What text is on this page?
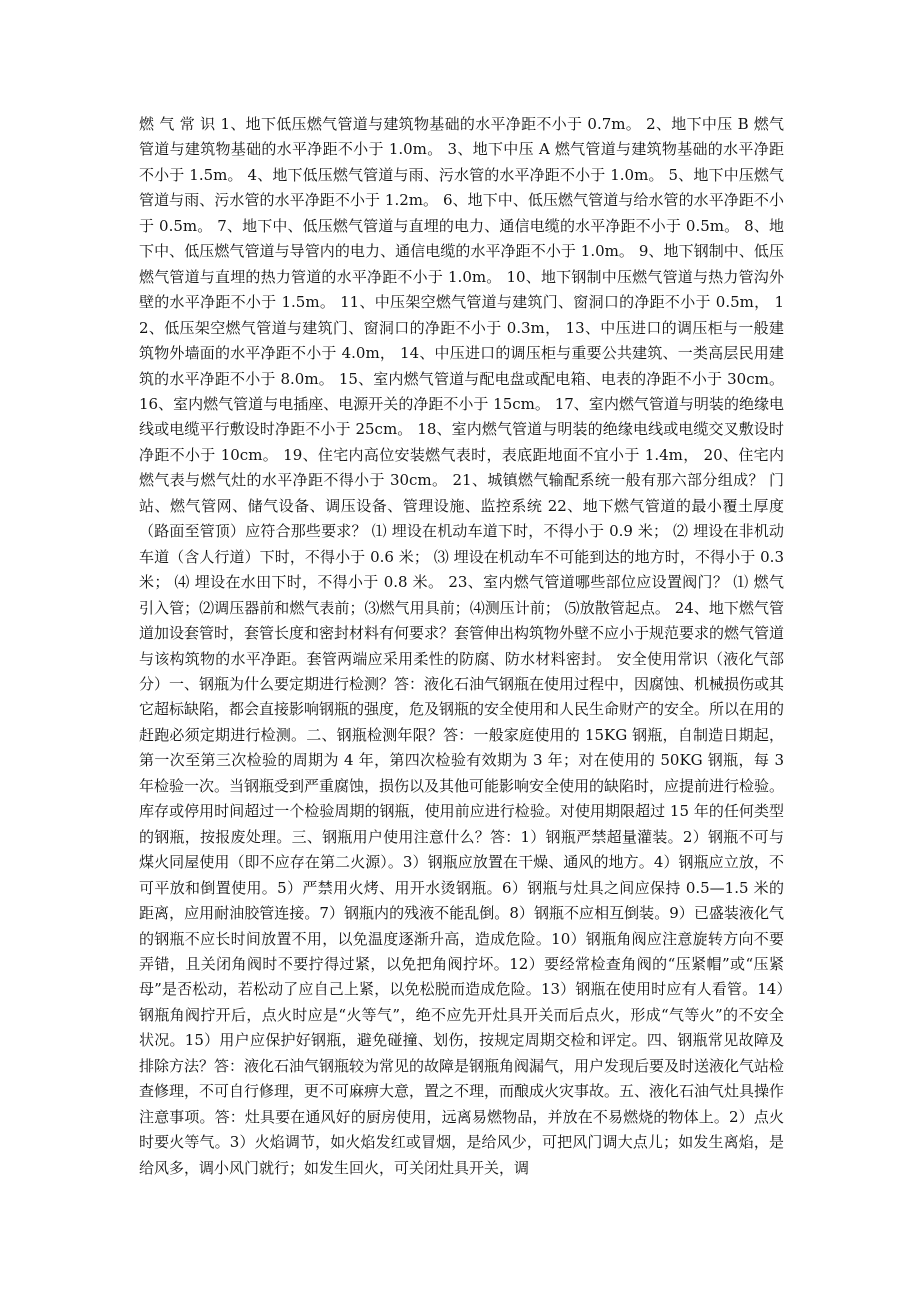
燃 气 常 识 1、地下低压燃气管道与建筑物基础的水平净距不小于 0.7m。 2、地下中压 B 燃气管道与建筑物基础的水平净距不小于 1.0m。 3、地下中压 A 燃气管道与建筑物基础的水平净距不小于 1.5m。 4、地下低压燃气管道与雨、污水管的水平净距不小于 1.0m。 5、地下中压燃气管道与雨、污水管的水平净距不小于 1.2m。 6、地下中、低压燃气管道与给水管的水平净距不小于 0.5m。 7、地下中、低压燃气管道与直埋的电力、通信电缆的水平净距不小于 0.5m。 8、地下中、低压燃气管道与导管内的电力、通信电缆的水平净距不小于 1.0m。 9、地下钢制中、低压燃气管道与直埋的热力管道的水平净距不小于 1.0m。 10、地下钢制中压燃气管道与热力管沟外壁的水平净距不小于 1.5m。 11、中压架空燃气管道与建筑门、窗洞口的净距不小于 0.5m， 12、低压架空燃气管道与建筑门、窗洞口的净距不小于 0.3m， 13、中压进口的调压柜与一般建筑物外墙面的水平净距不小于 4.0m， 14、中压进口的调压柜与重要公共建筑、一类高层民用建筑的水平净距不小于 8.0m。 15、室内燃气管道与配电盘或配电箱、电表的净距不小于 30cm。 16、室内燃气管道与电插座、电源开关的净距不小于 15cm。 17、室内燃气管道与明装的绝缘电线或电缆平行敷设时净距不小于 25cm。 18、室内燃气管道与明装的绝缘电线或电缆交叉敷设时净距不小于 10cm。 19、住宅内高位安装燃气表时，表底距地面不宜小于 1.4m， 20、住宅内燃气表与燃气灶的水平净距不得小于 30cm。 21、城镇燃气输配系统一般有那六部分组成？ 门站、燃气管网、储气设备、调压设备、管理设施、监控系统 22、地下燃气管道的最小覆土厚度（路面至管顶）应符合那些要求？ ⑴ 埋设在机动车道下时，不得小于 0.9 米； ⑵ 埋设在非机动车道（含人行道）下时，不得小于 0.6 米； ⑶ 埋设在机动车不可能到达的地方时，不得小于 0.3 米； ⑷ 埋设在水田下时，不得小于 0.8 米。 23、室内燃气管道哪些部位应设置阀门？ ⑴ 燃气引入管；⑵调压器前和燃气表前；⑶燃气用具前；⑷测压计前； ⑸放散管起点。 24、地下燃气管道加设套管时，套管长度和密封材料有何要求？套管伸出构筑物外壁不应小于规范要求的燃气管道与该构筑物的水平净距。套管两端应采用柔性的防腐、防水材料密封。 安全使用常识（液化气部分）一、钢瓶为什么要定期进行检测？答：液化石油气钢瓶在使用过程中，因腐蚀、机械损伤或其它超标缺陷，都会直接影响钢瓶的强度，危及钢瓶的安全使用和人民生命财产的安全。所以在用的赶跑必须定期进行检测。二、钢瓶检测年限？答：一般家庭使用的 15KG 钢瓶，自制造日期起，第一次至第三次检验的周期为 4 年，第四次检验有效期为 3 年；对在使用的 50KG 钢瓶，每 3 年检验一次。当钢瓶受到严重腐蚀，损伤以及其他可能影响安全使用的缺陷时，应提前进行检验。库存或停用时间超过一个检验周期的钢瓶，使用前应进行检验。对使用期限超过 15 年的任何类型的钢瓶，按报废处理。三、钢瓶用户使用注意什么？答：1）钢瓶严禁超量灌装。2）钢瓶不可与煤火同屋使用（即不应存在第二火源）。3）钢瓶应放置在干燥、通风的地方。4）钢瓶应立放，不可平放和倒置使用。5）严禁用火烤、用开水烫钢瓶。6）钢瓶与灶具之间应保持 0.5—1.5 米的距离，应用耐油胶管连接。7）钢瓶内的残液不能乱倒。8）钢瓶不应相互倒装。9）已盛装液化气的钢瓶不应长时间放置不用，以免温度逐渐升高，造成危险。10）钢瓶角阀应注意旋转方向不要弄错，且关闭角阀时不要拧得过紧，以免把角阀拧坏。12）要经常检查角阀的“压紧帽”或“压紧母”是否松动，若松动了应自己上紧，以免松脱而造成危险。13）钢瓶在使用时应有人看管。14）钢瓶角阀拧开后，点火时应是“火等气”，绝不应先开灶具开关而后点火，形成“气等火”的不安全状况。15）用户应保护好钢瓶，避免碰撞、划伤，按规定周期交检和评定。四、钢瓶常见故障及排除方法？答：液化石油气钢瓶较为常见的故障是钢瓶角阀漏气，用户发现后要及时送液化气站检查修理，不可自行修理，更不可麻痹大意，置之不理，而酿成火灾事故。五、液化石油气灶具操作注意事项。答：灶具要在通风好的厨房使用，远离易燃物品，并放在不易燃烧的物体上。2）点火时要火等气。3）火焰调节，如火焰发红或冒烟，是给风少，可把风门调大点儿；如发生离焰，是给风多，调小风门就行；如发生回火，可关闭灶具开关，调
